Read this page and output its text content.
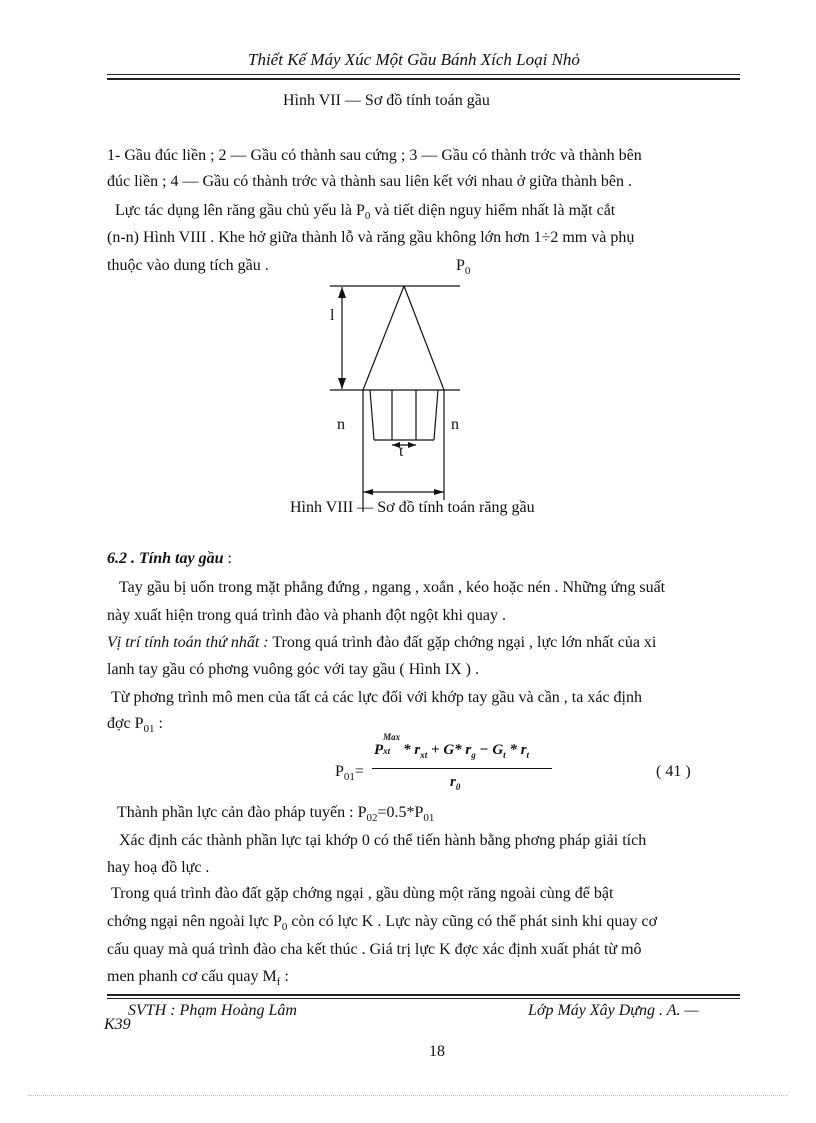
Thiết Kế Máy Xúc Một Gầu Bánh Xích Loại Nhỏ
Hình VII — Sơ đồ tính toán gầu
1- Gầu đúc liền ; 2 — Gầu có thành sau cứng ; 3 — Gầu có thành trớc và thành bên
đúc liền ; 4 — Gầu có thành trớc và thành sau liên kết với nhau ở giữa thành bên .
Lực tác dụng lên răng gầu chủ yếu là $P_0$ và tiết diện nguy hiểm nhất là mặt cắt
(n-n) Hình VIII . Khe hở giữa thành lỗ và răng gầu không lớn hơn 1÷2 mm và phụ
thuộc vào dung tích gầu .	$P_0$
l
n	n
t
Hình VIII — Sơ đồ tính toán răng gầu
6.2 . Tính tay gầu :
Tay gầu bị uốn trong mặt phẳng đứng , ngang , xoắn , kéo hoặc nén . Những ứng suất
này xuất hiện trong quá trình đào và phanh đột ngột khi quay .
Vị trí tính toán thứ nhất : Trong quá trình đào đất gặp chớng ngại , lực lớn nhất của xi
lanh tay gầu có phơng vuông góc với tay gầu ( Hình IX ) .
Từ phơng trình mô men của tất cả các lực đối với khớp tay gầu và cần , ta xác định
đợc $P_{01}$ :
$P_{01}=$
P
Max
xt * $r_{xt} + G*$ $r_g - G_t * r_t$
$r_0$
( 41 )
Thành phần lực cản đào pháp tuyến : $P_{02}=0.5*P_{01}$
Xác định các thành phần lực tại khớp 0 có thể tiến hành bằng phơng pháp giải tích
hay hoạ đồ lực .
Trong quá trình đào đất gặp chớng ngại , gầu dùng một răng ngoài cùng để bật
chớng ngại nên ngoài lực $P_0$ còn có lực K . Lực này cũng có thể phát sinh khi quay cơ
cấu quay mà quá trình đào cha kết thúc . Giá trị lực K đợc xác định xuất phát từ mô
men phanh cơ cấu quay $M_f$ :
SVTH : Phạm Hoàng Lâm	Lớp Máy Xây Dựng . A. —
K39
18
